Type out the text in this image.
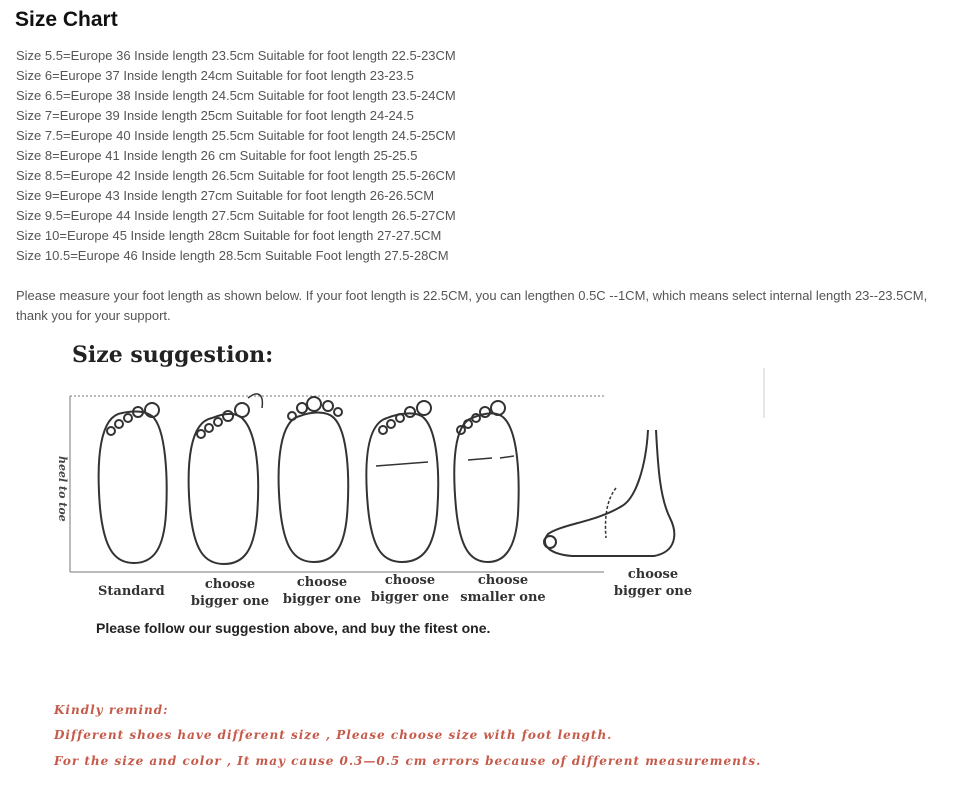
Size Chart
Size 5.5=Europe 36 Inside length 23.5cm Suitable for foot length 22.5-23CM
Size 6=Europe 37 Inside length 24cm Suitable for foot length 23-23.5
Size 6.5=Europe 38 Inside length 24.5cm Suitable for foot length 23.5-24CM
Size 7=Europe 39 Inside length 25cm Suitable for foot length 24-24.5
Size 7.5=Europe 40 Inside length 25.5cm Suitable for foot length 24.5-25CM
Size 8=Europe 41 Inside length 26 cm Suitable for foot length 25-25.5
Size 8.5=Europe 42 Inside length 26.5cm Suitable for foot length 25.5-26CM
Size 9=Europe 43 Inside length 27cm Suitable for foot length 26-26.5CM
Size 9.5=Europe 44 Inside length 27.5cm Suitable for foot length 26.5-27CM
Size 10=Europe 45 Inside length 28cm Suitable for foot length 27-27.5CM
Size 10.5=Europe 46 Inside length 28.5cm Suitable Foot length 27.5-28CM
Please measure your foot length as shown below. If your foot length is 22.5CM, you can lengthen 0.5C --1CM, which means select internal length 23--23.5CM, thank you for your support.
Size suggestion:
heel to toe
Standard	choose
bigger one
choose
bigger one
choose
bigger one
choose
smaller one
choose
bigger one
Please follow our suggestion above, and buy the fitest one.
Kindly remind:
Different shoes have different size , Please choose size with foot length.
For the size and color , It may cause 0.3—0.5 cm errors because of different measurements.
